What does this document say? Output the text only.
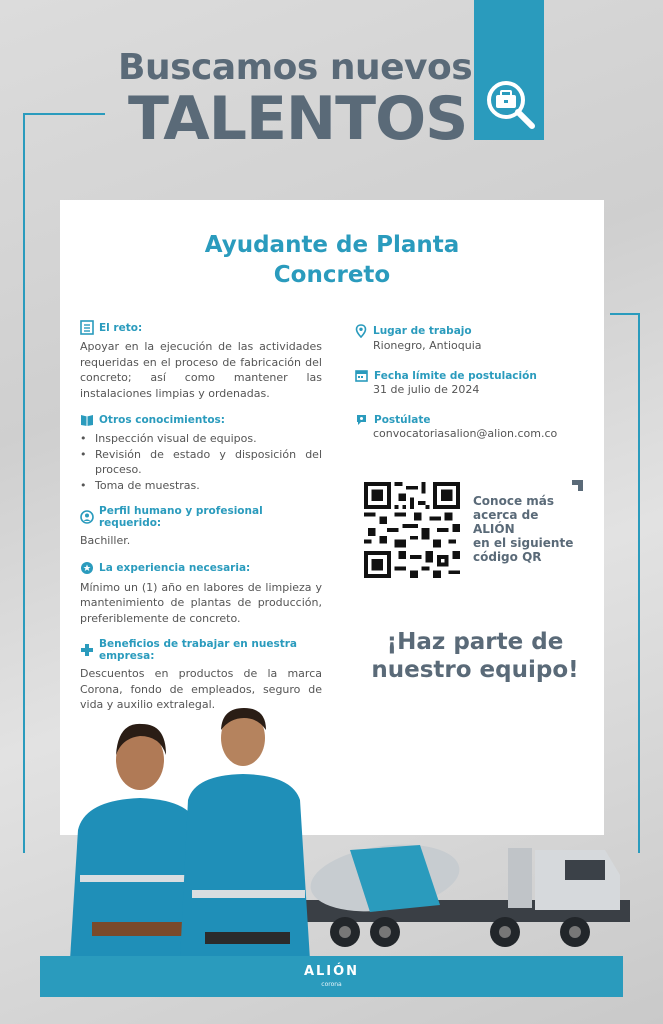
Buscamos nuevos
TALENTOS
Ayudante de Planta
Concreto
El reto:
Apoyar en la ejecución de las actividades requeridas en el proceso de fabricación del concreto; así como mantener las instalaciones limpias y ordenadas.
Otros conocimientos:
• Inspección visual de equipos.
• Revisión de estado y disposición del proceso.
• Toma de muestras.
Perfil humano y profesional requerido:
Bachiller.
La experiencia necesaria:
Mínimo un (1) año en labores de limpieza y mantenimiento de plantas de producción, preferiblemente de concreto.
Beneficios de trabajar en nuestra empresa:
Descuentos en productos de la marca Corona, fondo de empleados, seguro de vida y auxilio extralegal.
Lugar de trabajo
Rionegro, Antioquia
Fecha límite de postulación
31 de julio de 2024
Postúlate
convocatoriasalion@alion.com.co
Conoce más
acerca de
ALIÓN
en el siguiente
código QR
¡Haz parte de
nuestro equipo!
ALIÓN
corona
